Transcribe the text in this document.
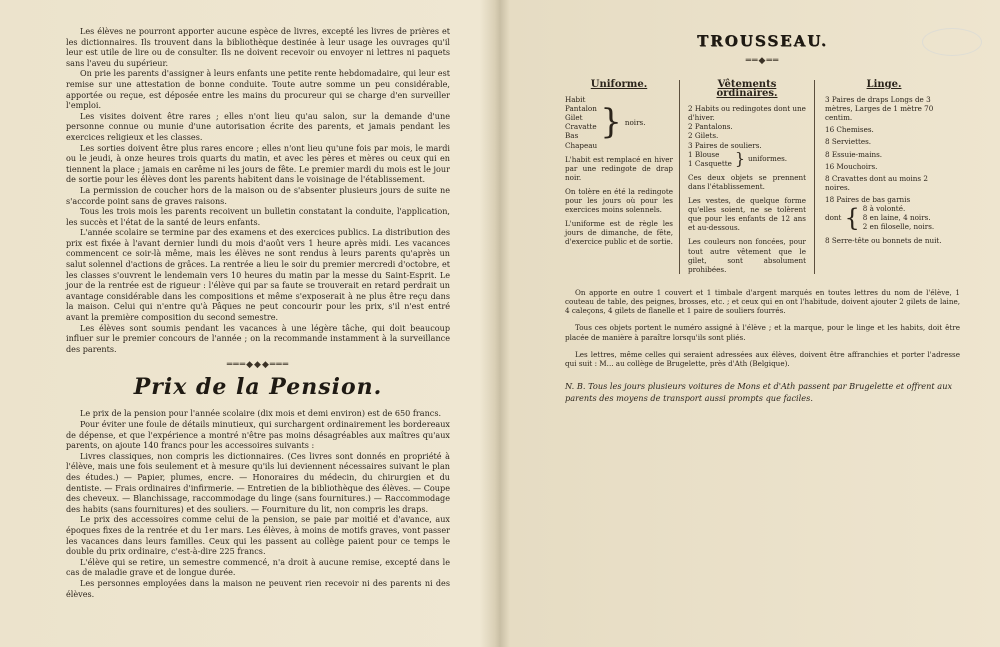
Les élèves ne pourront apporter aucune espèce de livres, excepté les livres de prières et les dictionnaires. Ils trouvent dans la bibliothèque destinée à leur usage les ouvrages qu'il leur est utile de lire ou de consulter. Ils ne doivent recevoir ou envoyer ni lettres ni paquets sans l'aveu du supérieur.

On prie les parents d'assigner à leurs enfants une petite rente hebdomadaire, qui leur est remise sur une attestation de bonne conduite. Toute autre somme un peu considérable, apportée ou reçue, est déposée entre les mains du procureur qui se charge d'en surveiller l'emploi.

Les visites doivent être rares ; elles n'ont lieu qu'au salon, sur la demande d'une personne connue ou munie d'une autorisation écrite des parents, et jamais pendant les exercices religieux et les classes.

Les sorties doivent être plus rares encore ; elles n'ont lieu qu'une fois par mois, le mardi ou le jeudi, à onze heures trois quarts du matin, et avec les pères et mères ou ceux qui en tiennent la place ; jamais en carême ni les jours de fête. Le premier mardi du mois est le jour de sortie pour les élèves dont les parents habitent dans le voisinage de l'établissement.

La permission de coucher hors de la maison ou de s'absenter plusieurs jours de suite ne s'accorde point sans de graves raisons.

Tous les trois mois les parents recoivent un bulletin constatant la conduite, l'application, les succès et l'état de la santé de leurs enfants.

L'année scolaire se termine par des examens et des exercices publics. La distribution des prix est fixée à l'avant dernier lundi du mois d'août vers 1 heure après midi. Les vacances commencent ce soir-là même, mais les élèves ne sont rendus à leurs parents qu'après un salut solennel d'actions de grâces. La rentrée a lieu le soir du premier mercredi d'octobre, et les classes s'ouvrent le lendemain vers 10 heures du matin par la messe du Saint-Esprit. Le jour de la rentrée est de rigueur : l'élève qui par sa faute se trouverait en retard perdrait un avantage considérable dans les compositions et même s'exposerait à ne plus être reçu dans la maison. Celui qui n'entre qu'à Pâques ne peut concourir pour les prix, s'il n'est entré avant la première composition du second semestre.

Les élèves sont soumis pendant les vacances à une légère tâche, qui doit beaucoup influer sur le premier concours de l'année ; on la recommande instamment à la surveillance des parents.

═══◆◆◆═══
Prix de la Pension.

Le prix de la pension pour l'année scolaire (dix mois et demi environ) est de 650 francs.

Pour éviter une foule de détails minutieux, qui surchargent ordinairement les bordereaux de dépense, et que l'expérience a montré n'être pas moins désagréables aux maîtres qu'aux parents, on ajoute 140 francs pour les accessoires suivants :

Livres classiques, non compris les dictionnaires. (Ces livres sont donnés en propriété à l'élève, mais une fois seulement et à mesure qu'ils lui deviennent nécessaires suivant le plan des études.) — Papier, plumes, encre. — Honoraires du médecin, du chirurgien et du dentiste. — Frais ordinaires d'infirmerie. — Entretien de la bibliothèque des élèves. — Coupe des cheveux. — Blanchissage, raccommodage du linge (sans fournitures.) — Raccommodage des habits (sans fournitures) et des souliers. — Fourniture du lit, non compris les draps.

Le prix des accessoires comme celui de la pension, se paie par moitié et d'avance, aux époques fixes de la rentrée et du 1er mars. Les élèves, à moins de motifs graves, vont passer les vacances dans leurs familles. Ceux qui les passent au collège paient pour ce temps le double du prix ordinaire, c'est-à-dire 225 francs.

L'élève qui se retire, un semestre commencé, n'a droit à aucune remise, excepté dans le cas de maladie grave et de longue durée.

Les personnes employées dans la maison ne peuvent rien recevoir ni des parents ni des élèves.

TROUSSEAU.
══◆══
Uniforme.
Habit
Pantalon
Gilet
Cravatte
Bas
Chapeau
} noirs.

L'habit est remplacé en hiver par une redingote de drap noir.

On tolère en été la redingote pour les jours où pour les exercices moins solennels.

L'uniforme est de règle les jours de dimanche, de fête, d'exercice public et de sortie.

Vêtements ordinaires.
2 Habits ou redingotes dont une d'hiver.
2 Pantalons.
2 Gilets.
3 Paires de souliers.
1 Blouse
1 Casquette } uniformes.

Ces deux objets se prennent dans l'établissement.

Les vestes, de quelque forme qu'elles soient, ne se tolèrent que pour les enfants de 12 ans et au-dessous.

Les couleurs non foncées, pour tout autre vêtement que le gilet, sont absolument prohibées.

Linge.
3 Paires de draps Longs de 3 mètres, Larges de 1 mètre 70 centim.
16 Chemises.
8 Serviettes.
8 Essuie-mains.
16 Mouchoirs.
8 Cravattes dont au moins 2 noires.
18 Paires de bas garnis
dont { 8 à volonté.
8 en laine, 4 noirs.
2 en filoselle, noirs.

8 Serre-tête ou bonnets de nuit.

On apporte en outre 1 couvert et 1 timbale d'argent marqués en toutes lettres du nom de l'élève, 1 couteau de table, des peignes, brosses, etc. ; et ceux qui en ont l'habitude, doivent ajouter 2 gilets de laine, 4 caleçons, 4 gilets de flanelle et 1 paire de souliers fourrés.

Tous ces objets portent le numéro assigné à l'élève ; et la marque, pour le linge et les habits, doit être placée de manière à paraître lorsqu'ils sont pliés.

Les lettres, même celles qui seraient adressées aux élèves, doivent être affranchies et porter l'adresse qui suit : M... au collège de Brugelette, près d'Ath (Belgique).

N. B. Tous les jours plusieurs voitures de Mons et d'Ath passent par Brugelette et offrent aux parents des moyens de transport aussi prompts que faciles.
